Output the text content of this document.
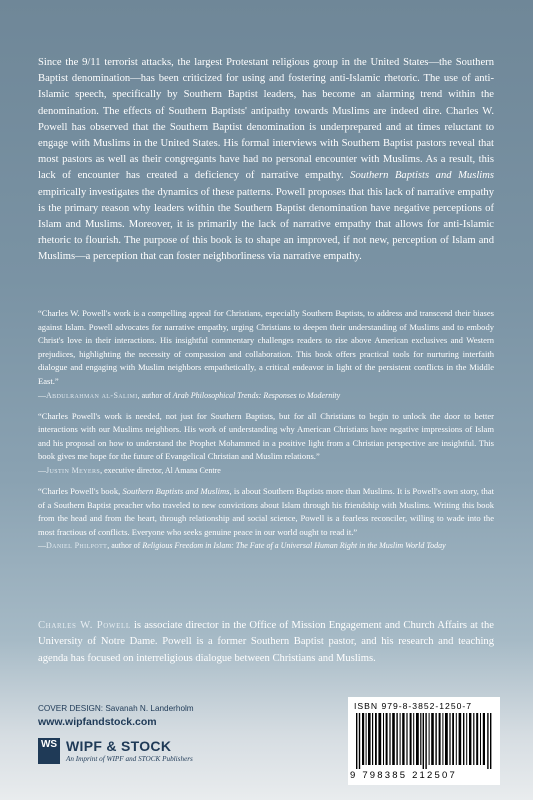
Since the 9/11 terrorist attacks, the largest Protestant religious group in the United States—the Southern Baptist denomination—has been criticized for using and fostering anti-Islamic rhetoric. The use of anti-Islamic speech, specifically by Southern Baptist leaders, has become an alarming trend within the denomination. The effects of Southern Baptists' antipathy towards Muslims are indeed dire. Charles W. Powell has observed that the Southern Baptist denomination is underprepared and at times reluctant to engage with Muslims in the United States. His formal interviews with Southern Baptist pastors reveal that most pastors as well as their congregants have had no personal encounter with Muslims. As a result, this lack of encounter has created a deficiency of narrative empathy. Southern Baptists and Muslims empirically investigates the dynamics of these patterns. Powell proposes that this lack of narrative empathy is the primary reason why leaders within the Southern Baptist denomination have negative perceptions of Islam and Muslims. Moreover, it is primarily the lack of narrative empathy that allows for anti-Islamic rhetoric to flourish. The purpose of this book is to shape an improved, if not new, perception of Islam and Muslims—a perception that can foster neighborliness via narrative empathy.

“Charles W. Powell's work is a compelling appeal for Christians, especially Southern Baptists, to address and transcend their biases against Islam. Powell advocates for narrative empathy, urging Christians to deepen their understanding of Muslims and to embody Christ's love in their interactions. His insightful commentary challenges readers to rise above American exclusives and Western prejudices, highlighting the necessity of compassion and collaboration. This book offers practical tools for nurturing interfaith dialogue and engaging with Muslim neighbors empathetically, a critical endeavor in light of the persistent conflicts in the Middle East.”

—Abdulrahman al-Salimi, author of Arab Philosophical Trends: Responses to Modernity

“Charles Powell's work is needed, not just for Southern Baptists, but for all Christians to begin to unlock the door to better interactions with our Muslims neighbors. His work of understanding why American Christians have negative impressions of Islam and his proposal on how to understand the Prophet Mohammed in a positive light from a Christian perspective are insightful. This book gives me hope for the future of Evangelical Christian and Muslim relations.”

—Justin Meyers, executive director, Al Amana Centre

“Charles Powell's book, Southern Baptists and Muslims, is about Southern Baptists more than Muslims. It is Powell's own story, that of a Southern Baptist preacher who traveled to new convictions about Islam through his friendship with Muslims. Writing this book from the head and from the heart, through relationship and social science, Powell is a fearless reconciler, willing to wade into the most fractious of conflicts. Everyone who seeks genuine peace in our world ought to read it.”

—Daniel Philpott, author of Religious Freedom in Islam: The Fate of a Universal Human Right in the Muslim World Today

Charles W. Powell is associate director in the Office of Mission Engagement and Church Affairs at the University of Notre Dame. Powell is a former Southern Baptist pastor, and his research and teaching agenda has focused on interreligious dialogue between Christians and Muslims.

COVER DESIGN: Savanah N. Landerholm
www.wipfandstock.com
WS WIPF & STOCK
An Imprint of WIPF and STOCK Publishers
ISBN 979-8-3852-1250-7
9 798385 212507
